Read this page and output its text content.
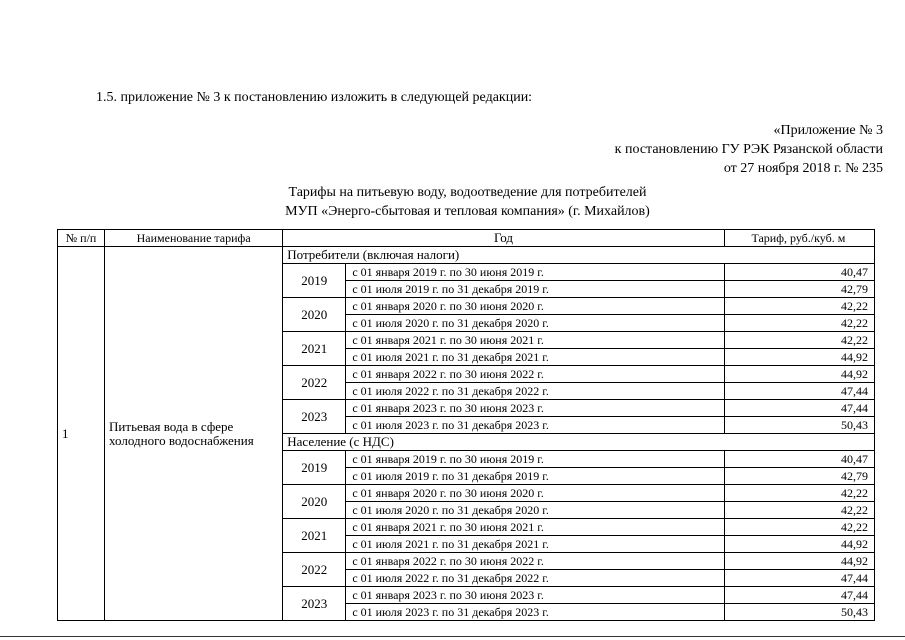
1.5. приложение № 3 к постановлению изложить в следующей редакции:
«Приложение № 3
к постановлению ГУ РЭК Рязанской области
от 27 ноября 2018 г. № 235
Тарифы на питьевую воду, водоотведение для потребителей
МУП «Энерго-сбытовая и тепловая компания» (г. Михайлов)
№ п/п	Наименование тарифа	Год		Тариф, руб./куб. м
1	Питьевая вода в сфере холодного водоснабжения	Потребители (включая налоги)		
		2019	с 01 января 2019 г. по 30 июня 2019 г.	40,47
			с 01 июля 2019 г. по 31 декабря 2019 г.	42,79
		2020	с 01 января 2020 г. по 30 июня 2020 г.	42,22
			с 01 июля 2020 г. по 31 декабря 2020 г.	42,22
		2021	с 01 января 2021 г. по 30 июня 2021 г.	42,22
			с 01 июля 2021 г. по 31 декабря 2021 г.	44,92
		2022	с 01 января 2022 г. по 30 июня 2022 г.	44,92
			с 01 июля 2022 г. по 31 декабря 2022 г.	47,44
		2023	с 01 января 2023 г. по 30 июня 2023 г.	47,44
			с 01 июля 2023 г. по 31 декабря 2023 г.	50,43
		Население (с НДС)		
		2019	с 01 января 2019 г. по 30 июня 2019 г.	40,47
			с 01 июля 2019 г. по 31 декабря 2019 г.	42,79
		2020	с 01 января 2020 г. по 30 июня 2020 г.	42,22
			с 01 июля 2020 г. по 31 декабря 2020 г.	42,22
		2021	с 01 января 2021 г. по 30 июня 2021 г.	42,22
			с 01 июля 2021 г. по 31 декабря 2021 г.	44,92
		2022	с 01 января 2022 г. по 30 июня 2022 г.	44,92
			с 01 июля 2022 г. по 31 декабря 2022 г.	47,44
		2023	с 01 января 2023 г. по 30 июня 2023 г.	47,44
			с 01 июля 2023 г. по 31 декабря 2023 г.	50,43
